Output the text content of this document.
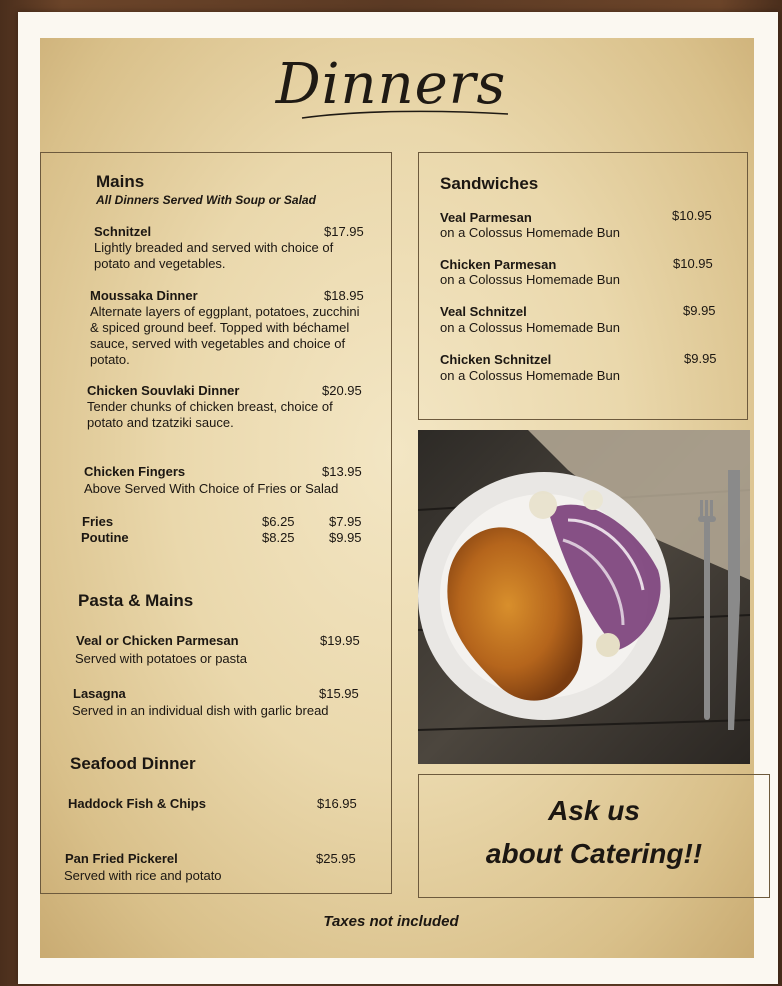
Dinners
Mains
All Dinners Served With Soup or Salad
Schnitzel	$17.95
Lightly breaded and served with choice of potato and vegetables.
Moussaka Dinner	$18.95
Alternate layers of eggplant, potatoes, zucchini & spiced ground beef. Topped with béchamel sauce, served with vegetables and choice of potato.
Chicken Souvlaki Dinner	$20.95
Tender chunks of chicken breast, choice of potato and tzatziki sauce.
Chicken Fingers	$13.95
Above Served With Choice of Fries or Salad
Fries	$6.25	$7.95
Poutine	$8.25	$9.95
Pasta & Mains
Veal or Chicken Parmesan	$19.95
Served with potatoes or pasta
Lasagna	$15.95
Served in an individual dish with garlic bread
Seafood Dinner
Haddock Fish & Chips	$16.95
Pan Fried Pickerel	$25.95
Served with rice and potato
Sandwiches
Veal Parmesan	$10.95
on a Colossus Homemade Bun
Chicken Parmesan	$10.95
on a Colossus Homemade Bun
Veal Schnitzel	$9.95
on a Colossus Homemade Bun
Chicken Schnitzel	$9.95
on a Colossus Homemade Bun
Ask us
about Catering!!
Taxes not included
